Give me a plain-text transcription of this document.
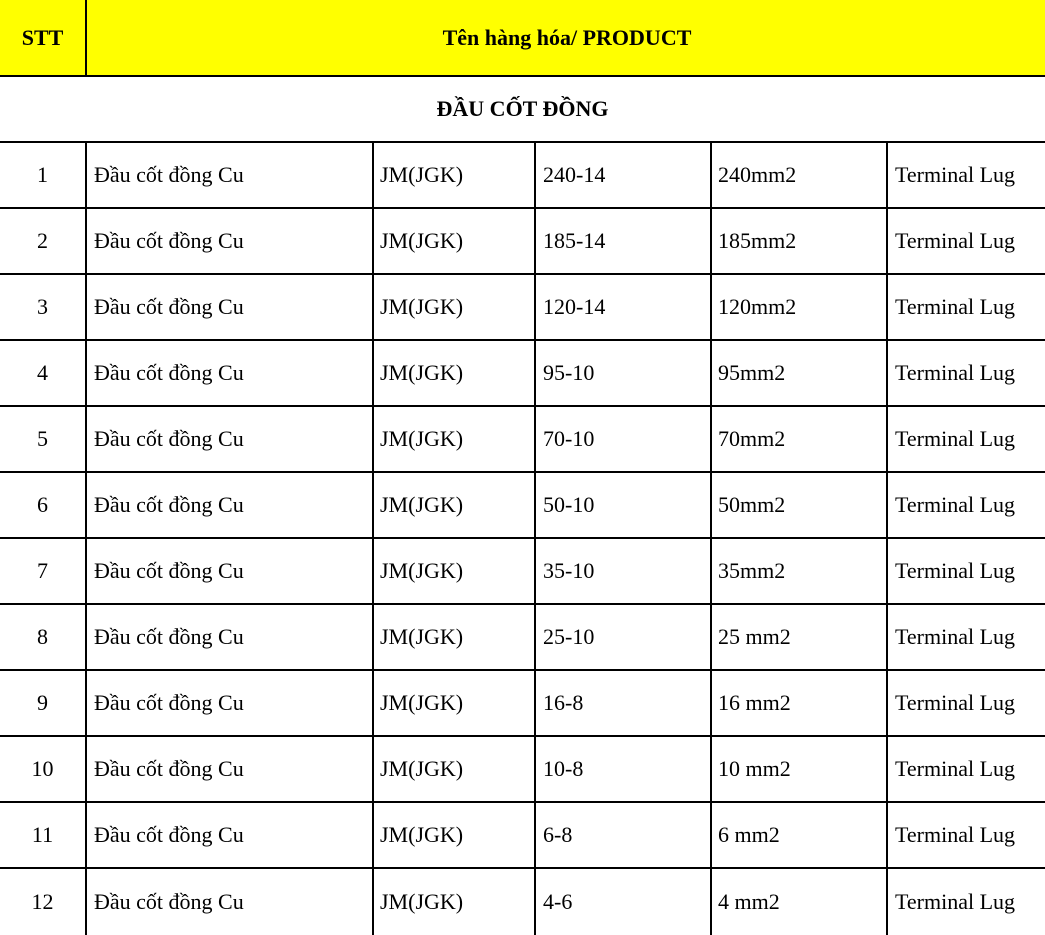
STT	Tên hàng hóa/ PRODUCT
ĐẦU CỐT ĐỒNG
1	Đầu cốt đồng Cu	JM(JGK)	240-14	240mm2	Terminal Lug
2	Đầu cốt đồng Cu	JM(JGK)	185-14	185mm2	Terminal Lug
3	Đầu cốt đồng Cu	JM(JGK)	120-14	120mm2	Terminal Lug
4	Đầu cốt đồng Cu	JM(JGK)	95-10	95mm2	Terminal Lug
5	Đầu cốt đồng Cu	JM(JGK)	70-10	70mm2	Terminal Lug
6	Đầu cốt đồng Cu	JM(JGK)	50-10	50mm2	Terminal Lug
7	Đầu cốt đồng Cu	JM(JGK)	35-10	35mm2	Terminal Lug
8	Đầu cốt đồng Cu	JM(JGK)	25-10	25 mm2	Terminal Lug
9	Đầu cốt đồng Cu	JM(JGK)	16-8	16 mm2	Terminal Lug
10	Đầu cốt đồng Cu	JM(JGK)	10-8	10 mm2	Terminal Lug
11	Đầu cốt đồng Cu	JM(JGK)	6-8	6 mm2	Terminal Lug
12	Đầu cốt đồng Cu	JM(JGK)	4-6	4 mm2	Terminal Lug
